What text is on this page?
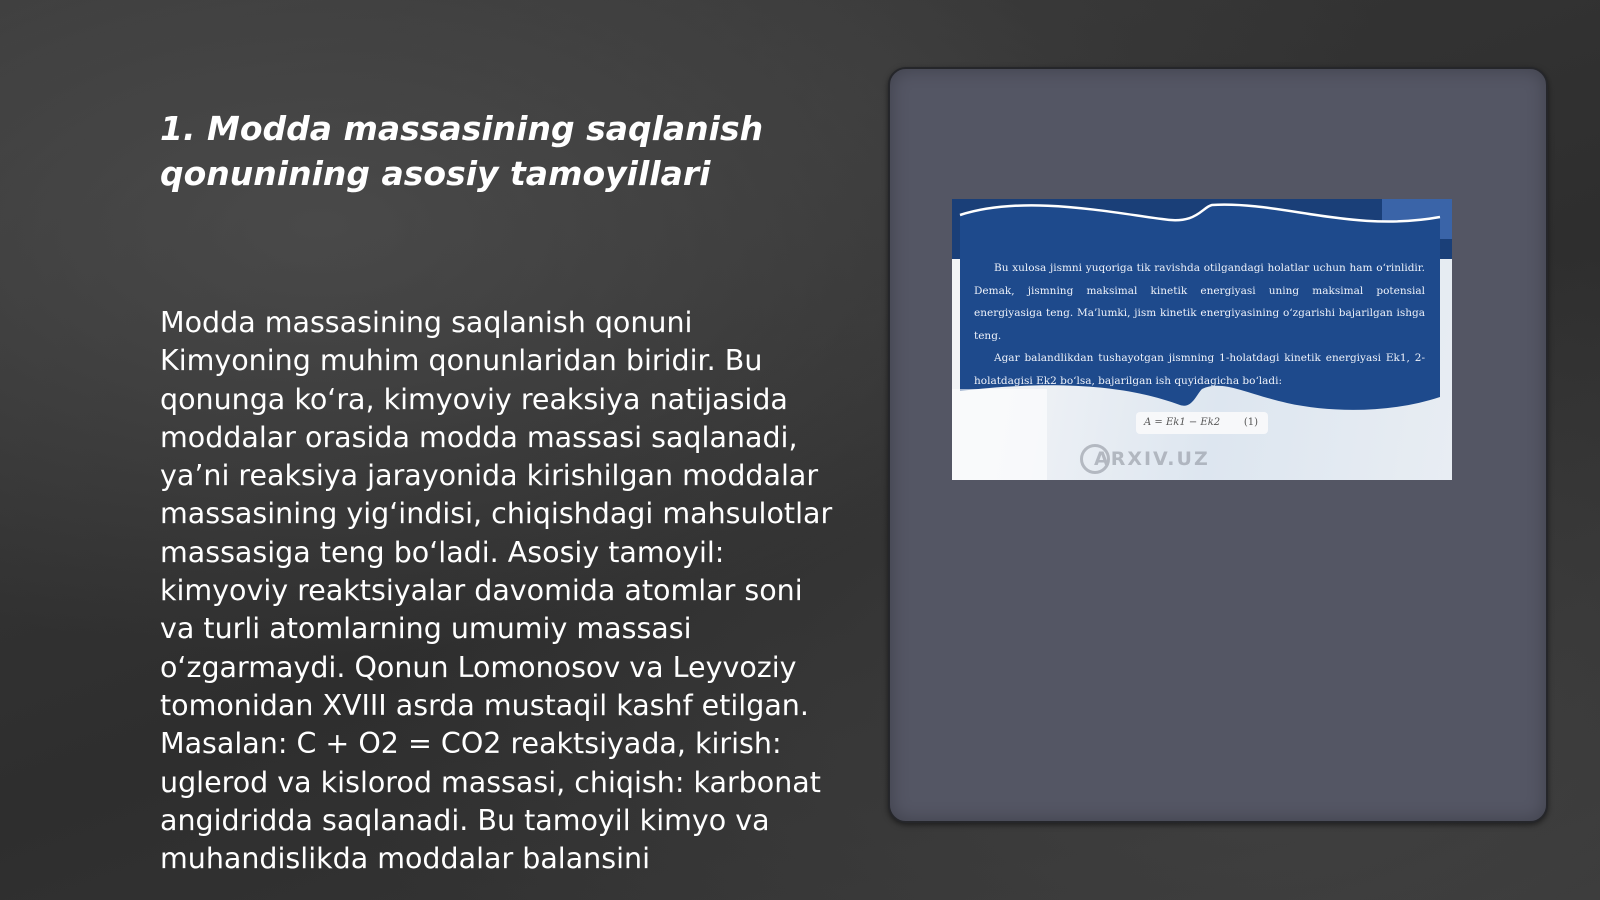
1. Modda massasining saqlanish qonunining asosiy tamoyillari

Modda massasining saqlanish qonuni Kimyoning muhim qonunlaridan biridir. Bu qonunga ko‘ra, kimyoviy reaksiya natijasida moddalar orasida modda massasi saqlanadi, ya’ni reaksiya jarayonida kirishilgan moddalar massasining yig‘indisi, chiqishdagi mahsulotlar massasiga teng bo‘ladi. Asosiy tamoyil: kimyoviy reaktsiyalar davomida atomlar soni va turli atomlarning umumiy massasi o‘zgarmaydi. Qonun Lomonosov va Leyvoziy tomonidan XVIII asrda mustaqil kashf etilgan. Masalan: C + O2 = CO2 reaktsiyada, kirish: uglerod va kislorod massasi, chiqish: karbonat angidridda saqlanadi. Bu tamoyil kimyo va muhandislikda moddalar balansini

Bu xulosa jismni yuqoriga tik ravishda otilgandagi holatlar uchun ham o‘rinlidir. Demak, jismning maksimal kinetik energiyasi uning maksimal potensial energiyasiga teng. Ma’lumki, jism kinetik energiyasining o‘zgarishi bajarilgan ishga teng.
Agar balandlikdan tushayotgan jismning 1-holatdagi kinetik energiyasi Ek1, 2-holatdagisi Ek2 bo‘lsa, bajarilgan ish quyidagicha bo‘ladi:
A = Ek1 − Ek2 (1)
ARXIV.UZ
